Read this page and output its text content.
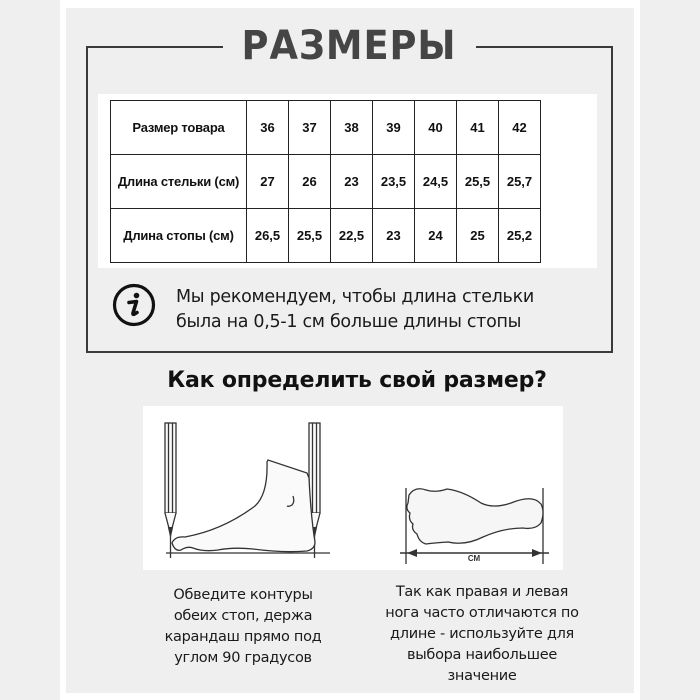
РАЗМЕРЫ
Размер товара	36	37	38	39	40	41	42
Длина стельки (см)	27	26	23	23,5	24,5	25,5	25,7
Длина стопы (см)	26,5	25,5	22,5	23	24	25	25,2
Мы рекомендуем, чтобы длина стельки
была на 0,5-1 см больше длины стопы
Как определить свой размер?
СМ
Обведите контуры
обеих стоп, держа
карандаш прямо под
углом 90 градусов
Так как правая и левая
нога часто отличаются по
длине - используйте для
выбора наибольшее
значение
